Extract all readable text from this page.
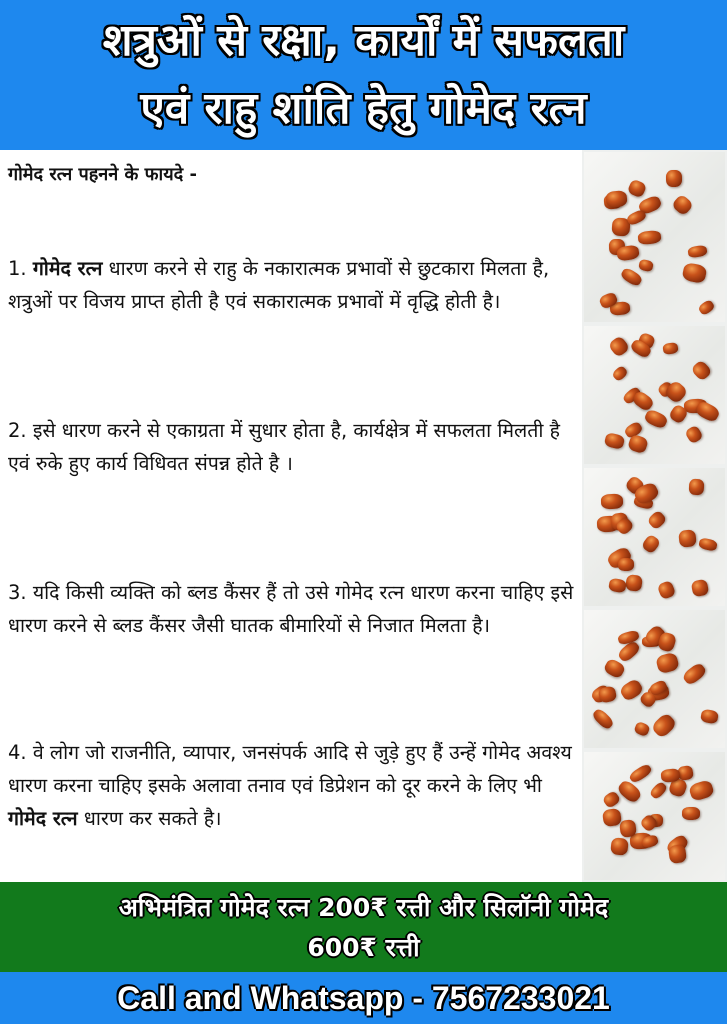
शत्रुओं से रक्षा, कार्यों में सफलता
एवं राहु शांति हेतु गोमेद रत्न
गोमेद रत्न पहनने के फायदे -
1. गोमेद रत्न धारण करने से राहु के नकारात्मक प्रभावों से छुटकारा मिलता है, शत्रुओं पर विजय प्राप्त होती है एवं सकारात्मक प्रभावों में वृद्धि होती है।
2. इसे धारण करने से एकाग्रता में सुधार होता है, कार्यक्षेत्र में सफलता मिलती है एवं रुके हुए कार्य विधिवत संपन्न होते है ।
3. यदि किसी व्यक्ति को ब्लड कैंसर हैं तो उसे गोमेद रत्न धारण करना चाहिए इसे धारण करने से ब्लड कैंसर जैसी घातक बीमारियों से निजात मिलता है।
4. वे लोग जो राजनीति, व्यापार, जनसंपर्क आदि से जुड़े हुए हैं उन्हें गोमेद अवश्य धारण करना चाहिए इसके अलावा तनाव एवं डिप्रेशन को दूर करने के लिए भी गोमेद रत्न धारण कर सकते है।
अभिमंत्रित गोमेद रत्न 200₹ रत्ती और सिलॉनी गोमेद
600₹ रत्ती
Call and Whatsapp - 7567233021
